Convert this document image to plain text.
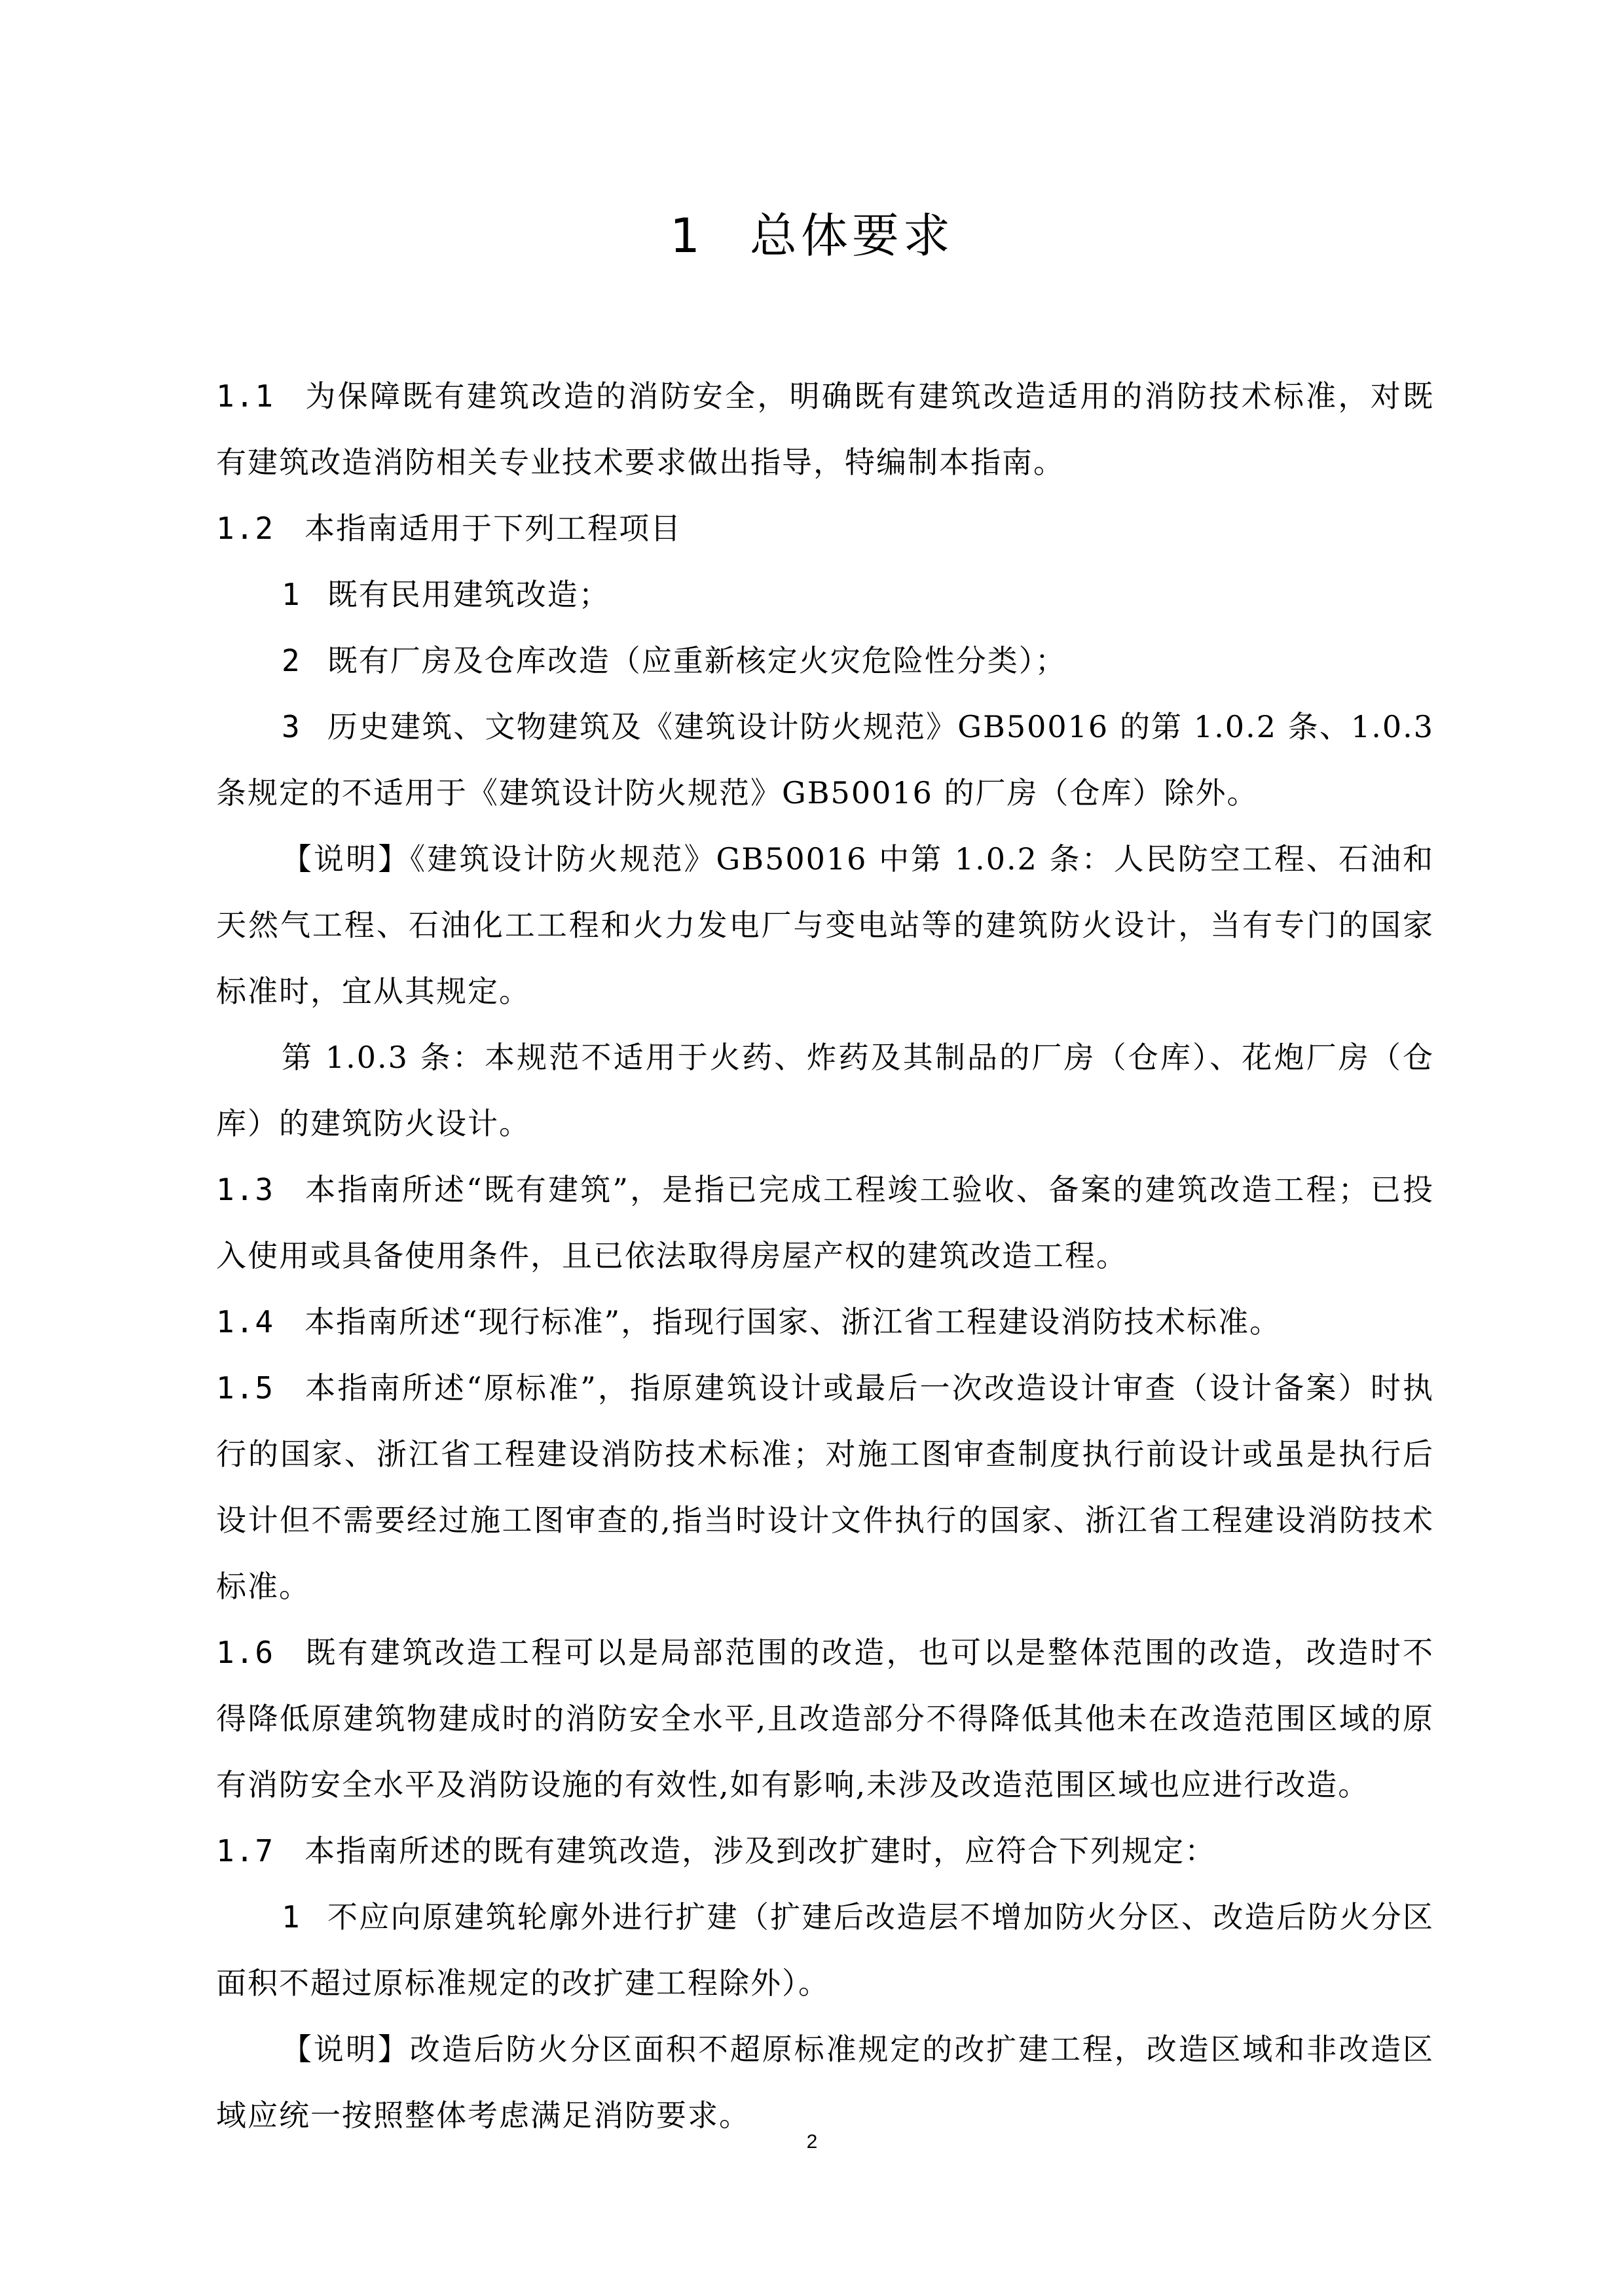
1 总体要求

1.1 为保障既有建筑改造的消防安全，明确既有建筑改造适用的消防技术标准，对既有建筑改造消防相关专业技术要求做出指导，特编制本指南。

1.2 本指南适用于下列工程项目

1 既有民用建筑改造；

2 既有厂房及仓库改造（应重新核定火灾危险性分类）；

3 历史建筑、文物建筑及《建筑设计防火规范》GB50016 的第 1.0.2 条、1.0.3 条规定的不适用于《建筑设计防火规范》GB50016 的厂房（仓库）除外。

【说明】《建筑设计防火规范》GB50016 中第 1.0.2 条：人民防空工程、石油和天然气工程、石油化工工程和火力发电厂与变电站等的建筑防火设计，当有专门的国家标准时，宜从其规定。

第 1.0.3 条：本规范不适用于火药、炸药及其制品的厂房（仓库）、花炮厂房（仓库）的建筑防火设计。

1.3 本指南所述“既有建筑”，是指已完成工程竣工验收、备案的建筑改造工程；已投入使用或具备使用条件，且已依法取得房屋产权的建筑改造工程。

1.4 本指南所述“现行标准”，指现行国家、浙江省工程建设消防技术标准。

1.5 本指南所述“原标准”，指原建筑设计或最后一次改造设计审查（设计备案）时执行的国家、浙江省工程建设消防技术标准；对施工图审查制度执行前设计或虽是执行后设计但不需要经过施工图审查的,指当时设计文件执行的国家、浙江省工程建设消防技术标准。

1.6 既有建筑改造工程可以是局部范围的改造，也可以是整体范围的改造，改造时不得降低原建筑物建成时的消防安全水平,且改造部分不得降低其他未在改造范围区域的原有消防安全水平及消防设施的有效性,如有影响,未涉及改造范围区域也应进行改造。

1.7 本指南所述的既有建筑改造，涉及到改扩建时，应符合下列规定：

1 不应向原建筑轮廓外进行扩建（扩建后改造层不增加防火分区、改造后防火分区面积不超过原标准规定的改扩建工程除外）。

【说明】改造后防火分区面积不超原标准规定的改扩建工程，改造区域和非改造区域应统一按照整体考虑满足消防要求。

2
